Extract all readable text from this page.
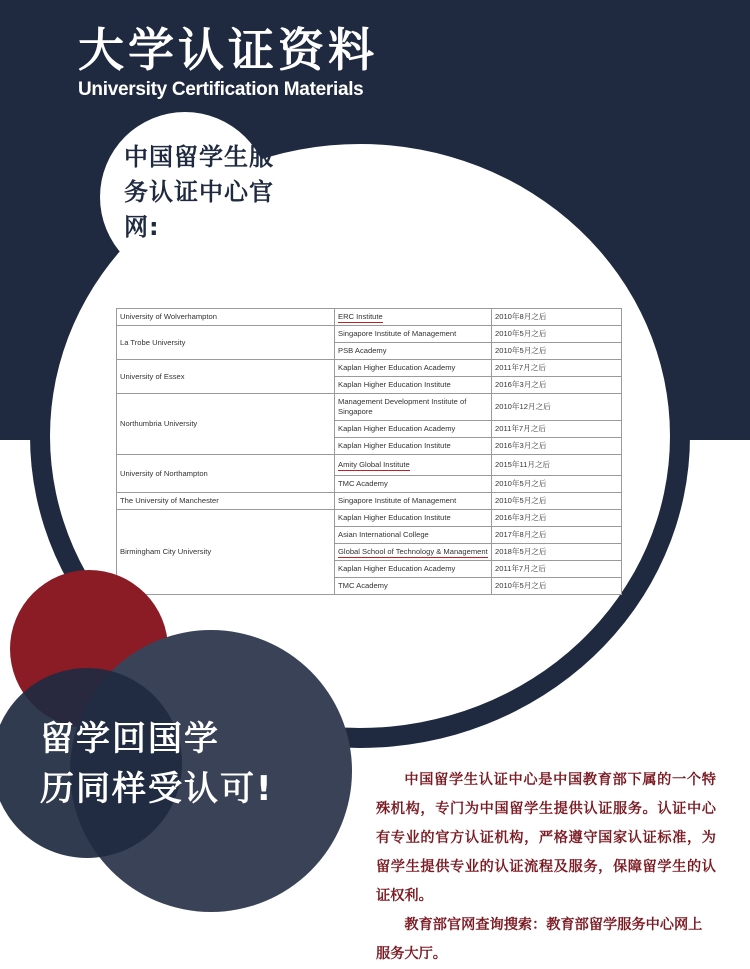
大学认证资料
University Certification Materials

中国留学生服务认证中心官网:

University of Wolverhampton	ERC Institute	2010年8月之后
La Trobe University	Singapore Institute of Management	2010年5月之后
	PSB Academy	2010年5月之后
University of Essex	Kaplan Higher Education Academy	2011年7月之后
	Kaplan Higher Education Institute	2016年3月之后
Northumbria University	Management Development Institute of Singapore	2010年12月之后
	Kaplan Higher Education Academy	2011年7月之后
	Kaplan Higher Education Institute	2016年3月之后
University of Northampton	Amity Global Institute	2015年11月之后
	TMC Academy	2010年5月之后
The University of Manchester	Singapore Institute of Management	2010年5月之后
Birmingham City University	Kaplan Higher Education Institute	2016年3月之后
	Asian International College	2017年8月之后
	Global School of Technology & Management	2018年5月之后
	Kaplan Higher Education Academy	2011年7月之后
	TMC Academy	2010年5月之后

留学回国学
历同样受认可!	中国留学生认证中心是中国教育部下属的一个特殊机构，专门为中国留学生提供认证服务。认证中心有专业的官方认证机构，严格遵守国家认证标准，为留学生提供专业的认证流程及服务，保障留学生的认证权利。

教育部官网查询搜索：教育部留学服务中心网上服务大厅。
